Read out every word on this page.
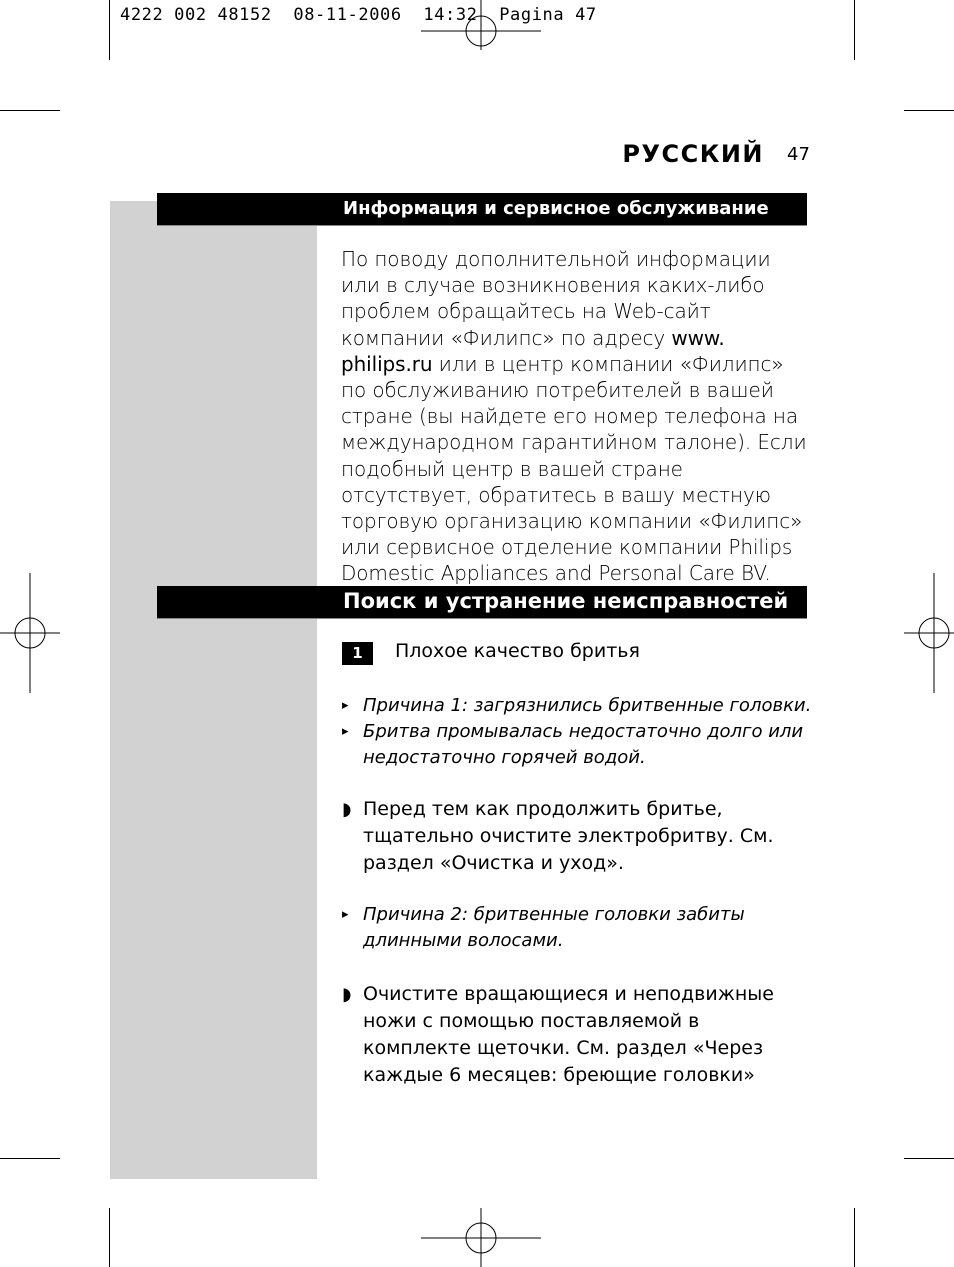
4222 002 48152  08-11-2006  14:32  Pagina 47
РУССКИЙ 47
Информация и сервисное обслуживание
По поводу дополнительной информации или в случае возникновения каких-либо проблем обращайтесь на Web-сайт компании «Филипс» по адресу www. philips.ru или в центр компании «Филипс» по обслуживанию потребителей в вашей стране (вы найдете его номер телефона на международном гарантийном талоне). Если подобный центр в вашей стране отсутствует, обратитесь в вашу местную торговую организацию компании «Филипс» или сервисное отделение компании Philips Domestic Appliances and Personal Care BV.
Поиск и устранение неисправностей
1	Плохое качество бритья
▸ Причина 1: загрязнились бритвенные головки.
▸ Бритва промывалась недостаточно долго или недостаточно горячей водой.
◗ Перед тем как продолжить бритье, тщательно очистите электробритву. См. раздел «Очистка и уход».
▸ Причина 2: бритвенные головки забиты длинными волосами.
◗ Очистите вращающиеся и неподвижные ножи с помощью поставляемой в комплекте щеточки. См. раздел «Через каждые 6 месяцев: бреющие головки»
